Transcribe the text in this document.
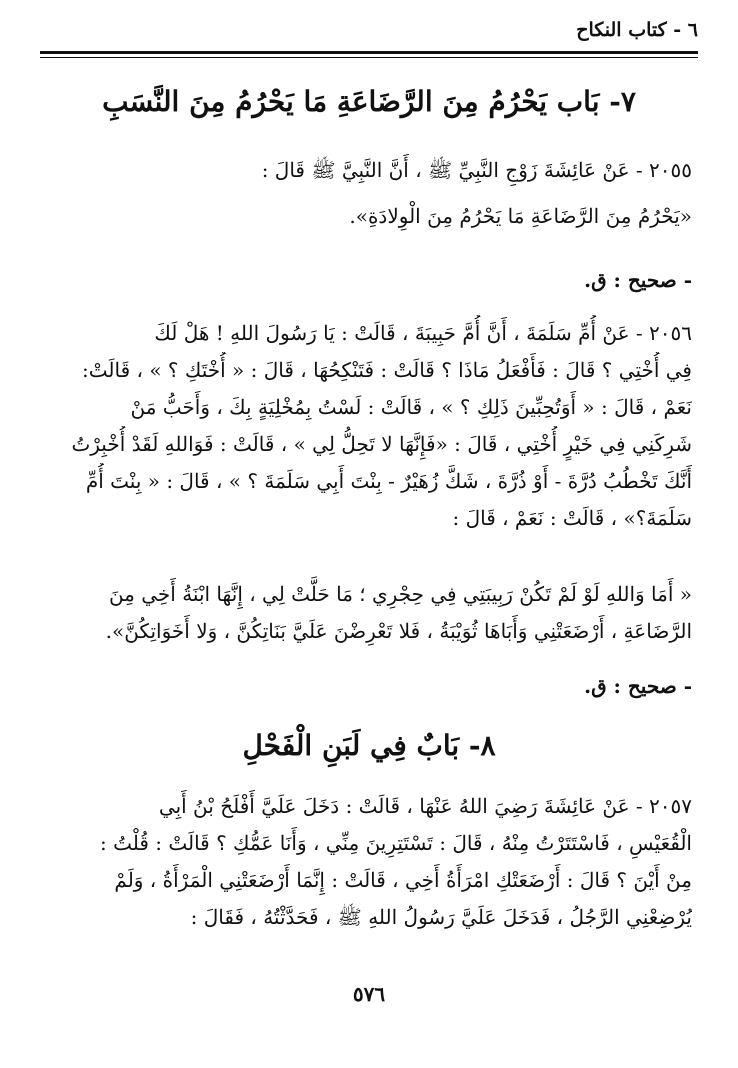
٦ - كتاب النكاح
٧- بَاب يَحْرُمُ مِنَ الرَّضَاعَةِ مَا يَحْرُمُ مِنَ النَّسَبِ
٢٠٥٥ - عَنْ عَائِشَةَ زَوْجِ النَّبِيِّ ﷺ ، أَنَّ النَّبِيَّ ﷺ قَالَ :
«يَحْرُمُ مِنَ الرَّضَاعَةِ مَا يَحْرُمُ مِنَ الْوِلادَةِ».
- صحيح : ق.
٢٠٥٦ - عَنْ أُمِّ سَلَمَةَ ، أَنَّ أُمَّ حَبِيبَةَ ، قَالَتْ : يَا رَسُولَ اللهِ ! هَلْ لَكَ
فِي أُخْتِي ؟ قَالَ : فَأَفْعَلُ مَاذَا ؟ قَالَتْ : فَتَنْكِحُهَا ، قَالَ : « أُخْتَكِ ؟ » ، قَالَتْ:
نَعَمْ ، قَالَ : « أَوَتُحِبِّينَ ذَلِكِ ؟ » ، قَالَتْ : لَسْتُ بِمُخْلِيَةٍ بِكَ ، وَأَحَبُّ مَنْ
شَرِكَنِي فِي خَيْرٍ أُخْتِي ، قَالَ : «فَإِنَّهَا لا تَحِلُّ لِي » ، قَالَتْ : فَوَاللهِ لَقَدْ أُخْبِرْتُ
أَنَّكَ تَخْطُبُ دُرَّةَ - أَوْ ذُرَّةَ ، شَكَّ زُهَيْرٌ - بِنْتَ أَبِي سَلَمَةَ ؟ » ، قَالَ : « بِنْتَ أُمِّ
سَلَمَةَ؟» ، قَالَتْ : نَعَمْ ، قَالَ :
« أَمَا وَاللهِ لَوْ لَمْ تَكُنْ رَبِيبَتِي فِي حِجْرِي ؛ مَا حَلَّتْ لِي ، إِنَّهَا ابْنَةُ أَخِي مِنَ
الرَّضَاعَةِ ، أَرْضَعَتْنِي وَأَبَاهَا ثُوَيْبَةُ ، فَلا تَعْرِضْنَ عَلَيَّ بَنَاتِكُنَّ ، وَلا أَخَوَاتِكُنَّ».
- صحيح : ق.
٨- بَابٌ فِي لَبَنِ الْفَحْلِ
٢٠٥٧ - عَنْ عَائِشَةَ رَضِيَ اللهُ عَنْهَا ، قَالَتْ : دَخَلَ عَلَيَّ أَفْلَحُ بْنُ أَبِي
الْقُعَيْسِ ، فَاسْتَتَرْتُ مِنْهُ ، قَالَ : تَسْتَتِرِينَ مِنِّي ، وَأَنَا عَمُّكِ ؟ قَالَتْ : قُلْتُ :
مِنْ أَيْنَ ؟ قَالَ : أَرْضَعَتْكِ امْرَأَةُ أَخِي ، قَالَتْ : إِنَّمَا أَرْضَعَتْنِي الْمَرْأَةُ ، وَلَمْ
يُرْضِعْنِي الرَّجُلُ ، فَدَخَلَ عَلَيَّ رَسُولُ اللهِ ﷺ ، فَحَدَّثْتُهُ ، فَقَالَ :
٥٧٦
